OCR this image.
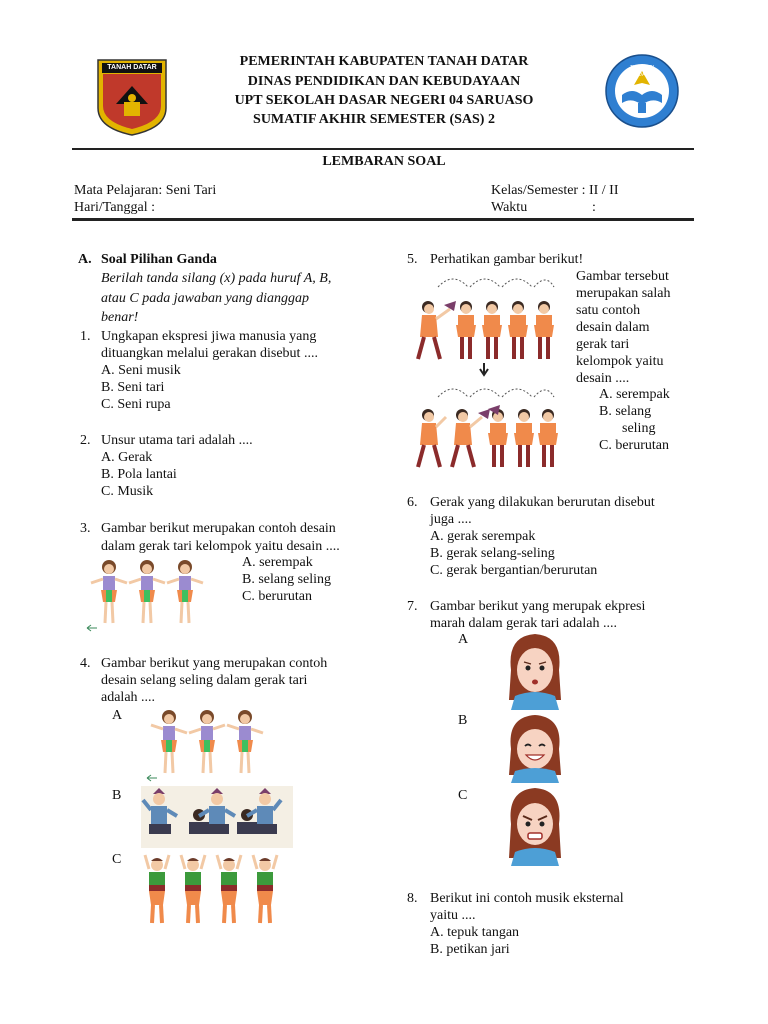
TANAH DATAR	PEMERINTAH KABUPATEN TANAH DATAR
DINAS PENDIDIKAN DAN KEBUDAYAAN
UPT SEKOLAH DASAR NEGERI 04 SARUASO
SUMATIF AKHIR SEMESTER (SAS) 2
TUT WURI HANDAYANI
LEMBARAN SOAL
Mata Pelajaran: Seni Tari
Hari/Tanggal :
Kelas/Semester : II / II
Waktu	:
A. Soal Pilihan Ganda
Berilah tanda silang (x) pada huruf A, B,
atau C pada jawaban yang dianggap
benar!
1. Ungkapan ekspresi jiwa manusia yang
dituangkan melalui gerakan disebut ....
A. Seni musik
B. Seni tari
C. Seni rupa
2. Unsur utama tari adalah ....
A. Gerak
B. Pola lantai
C. Musik
3. Gambar berikut merupakan contoh desain
dalam gerak tari kelompok yaitu desain ....
A. serempak
B. selang seling
C. berurutan
4. Gambar berikut yang merupakan contoh
desain selang seling dalam gerak tari
adalah ....
A
B
C
5. Perhatikan gambar berikut!
Gambar tersebut
merupakan salah
satu contoh
desain dalam
gerak tari
kelompok yaitu
desain ....
A. serempak
B. selang
seling
C. berurutan
6. Gerak yang dilakukan berurutan disebut
juga ....
A. gerak serempak
B. gerak selang-seling
C. gerak bergantian/berurutan
7. Gambar berikut yang merupak ekpresi
marah dalam gerak tari adalah ....
A
B
C
8. Berikut ini contoh musik eksternal
yaitu ....
A. tepuk tangan
B. petikan jari
